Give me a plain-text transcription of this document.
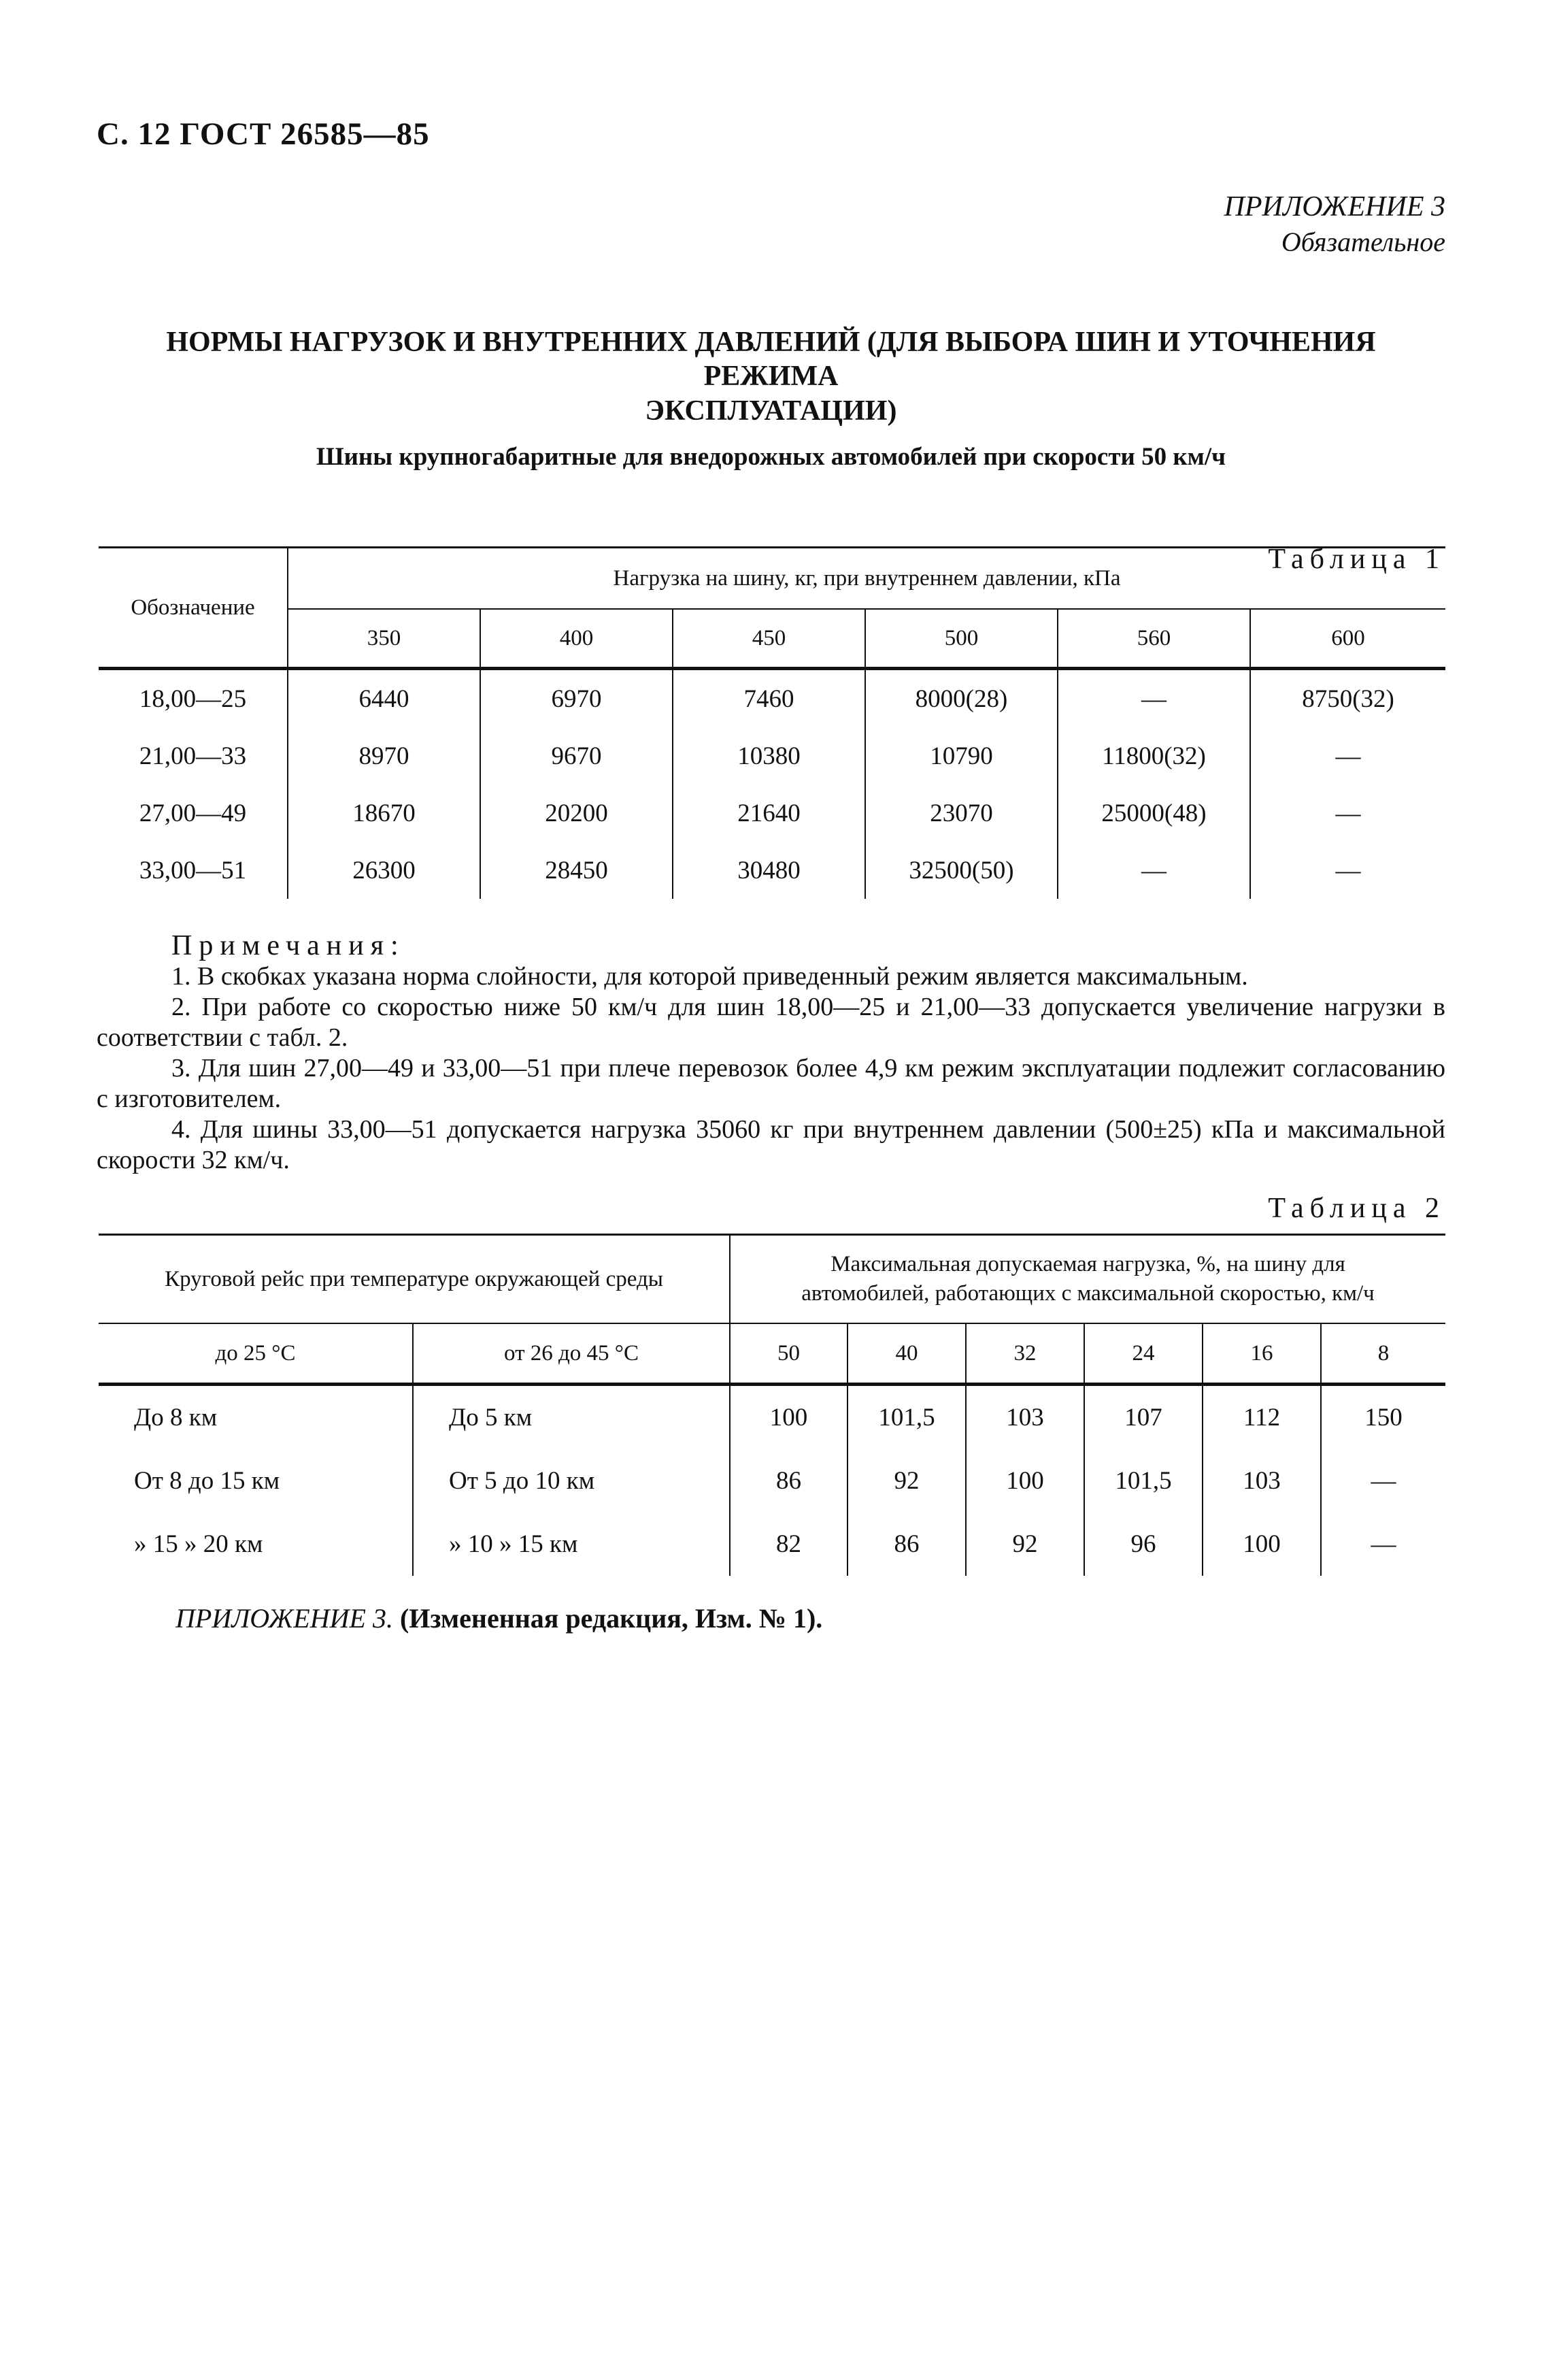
С. 12 ГОСТ 26585—85
ПРИЛОЖЕНИЕ 3
Обязательное
НОРМЫ НАГРУЗОК И ВНУТРЕННИХ ДАВЛЕНИЙ (ДЛЯ ВЫБОРА ШИН И УТОЧНЕНИЯ РЕЖИМА
ЭКСПЛУАТАЦИИ)
Шины крупногабаритные для внедорожных автомобилей при скорости 50 км/ч
Таблица 1
Обозначение	Нагрузка на шину, кг, при внутреннем давлении, кПа					
	350	400	450	500	560	600
18,00—25	6440	6970	7460	8000(28)	—	8750(32)
21,00—33	8970	9670	10380	10790	11800(32)	—
27,00—49	18670	20200	21640	23070	25000(48)	—
33,00—51	26300	28450	30480	32500(50)	—	—
Примечания:

1. В скобках указана норма слойности, для которой приведенный режим является максимальным.

2. При работе со скоростью ниже 50 км/ч для шин 18,00—25 и 21,00—33 допускается увеличение нагрузки в соответствии с табл. 2.

3. Для шин 27,00—49 и 33,00—51 при плече перевозок более 4,9 км режим эксплуатации подлежит согласованию с изготовителем.

4. Для шины 33,00—51 допускается нагрузка 35060 кг при внутреннем давлении (500±25) кПа и максимальной скорости 32 км/ч.

Таблица 2
Круговой рейс при температуре окружающей среды		Максимальная допускаемая нагрузка, %, на шину для
автомобилей, работающих с максимальной скоростью, км/ч					

до 25 °С	от 26 до 45 °С	50	40	32	24	16	8
До 8 км	До 5 км	100	101,5	103	107	112	150
От 8 до 15 км	От 5 до 10 км	86	92	100	101,5	103	—
» 15 » 20 км	» 10 » 15 км	82	86	92	96	100	—
ПРИЛОЖЕНИЕ 3. (Измененная редакция, Изм. № 1).
